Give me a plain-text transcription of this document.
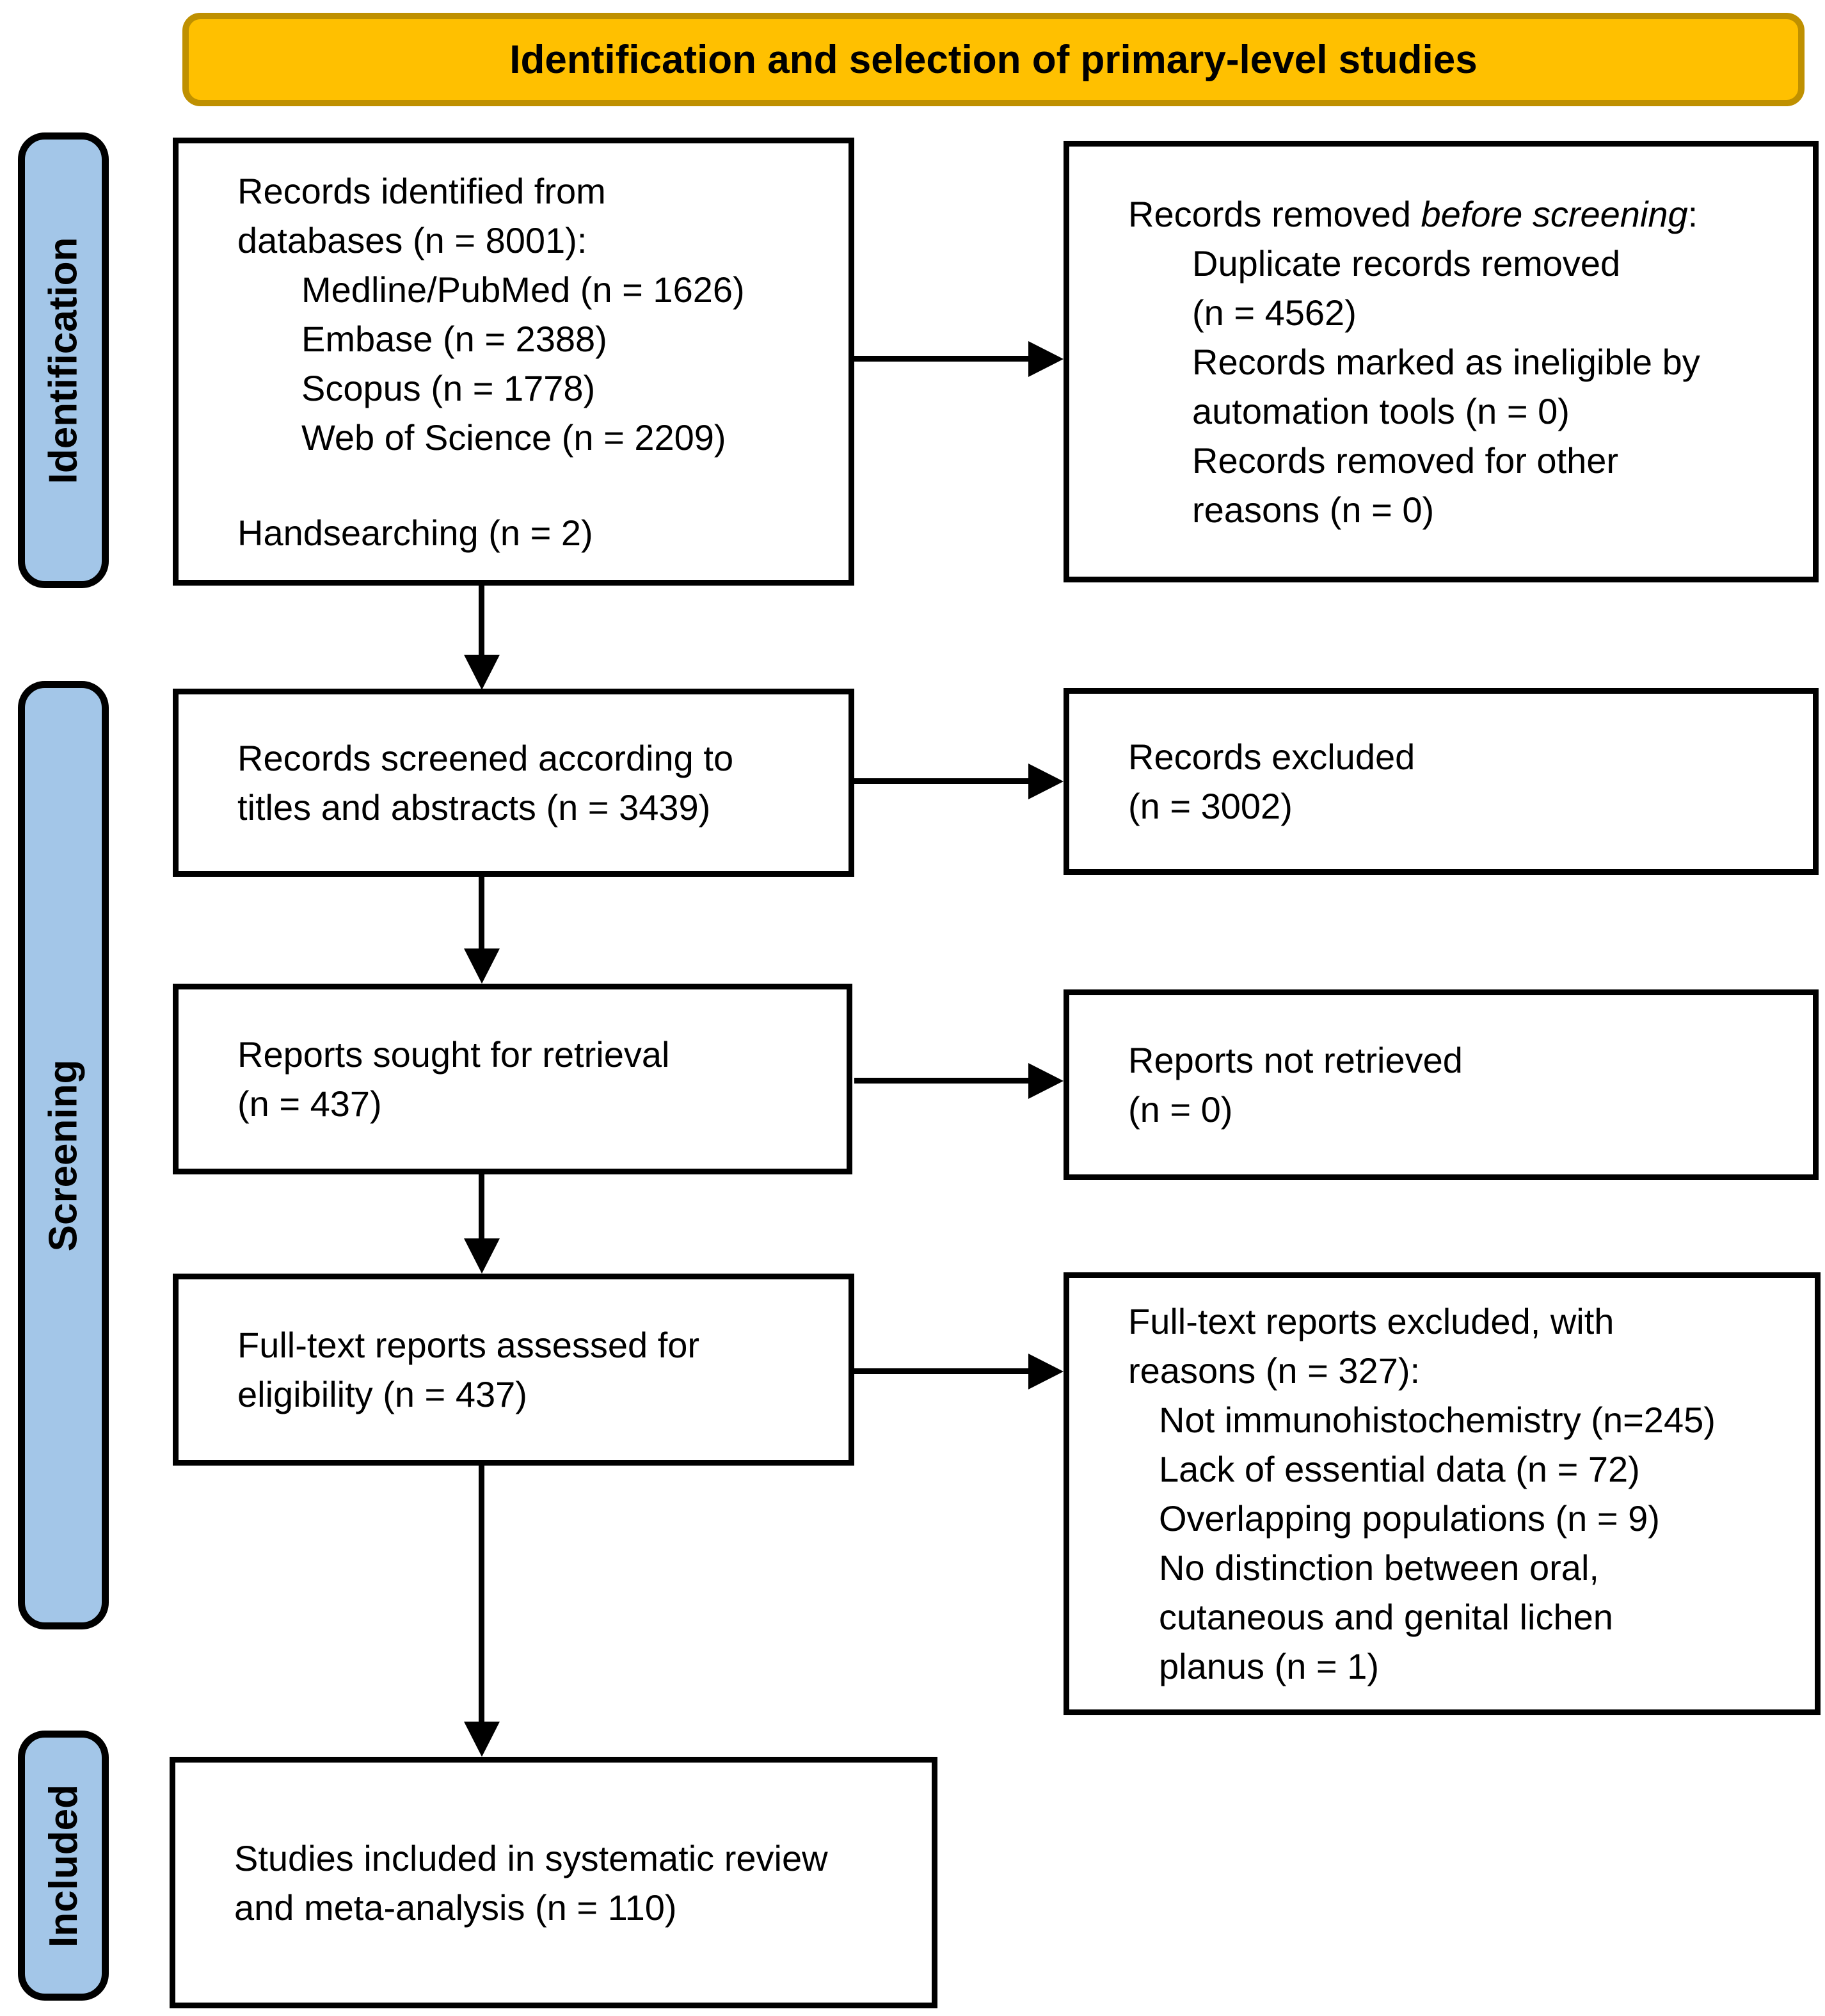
Identification and selection of primary-level studies
Identification
Screening
Included
Records identified from
databases (n = 8001):
Medline/PubMed (n = 1626)
Embase (n = 2388)
Scopus (n = 1778)
Web of Science (n = 2209)
Handsearching (n = 2)
Records screened according to
titles and abstracts (n = 3439)
Reports sought for retrieval
(n = 437)
Full-text reports assessed for
eligibility (n = 437)
Studies included in systematic review
and meta-analysis (n = 110)
Records removed before screening:
Duplicate records removed
(n = 4562)
Records marked as ineligible by
automation tools (n = 0)
Records removed for other
reasons (n = 0)
Records excluded
(n = 3002)
Reports not retrieved
(n = 0)
Full-text reports excluded, with
reasons (n = 327):
Not immunohistochemistry (n=245)
Lack of essential data (n = 72)
Overlapping populations (n = 9)
No distinction between oral,
cutaneous and genital lichen
planus (n = 1)
